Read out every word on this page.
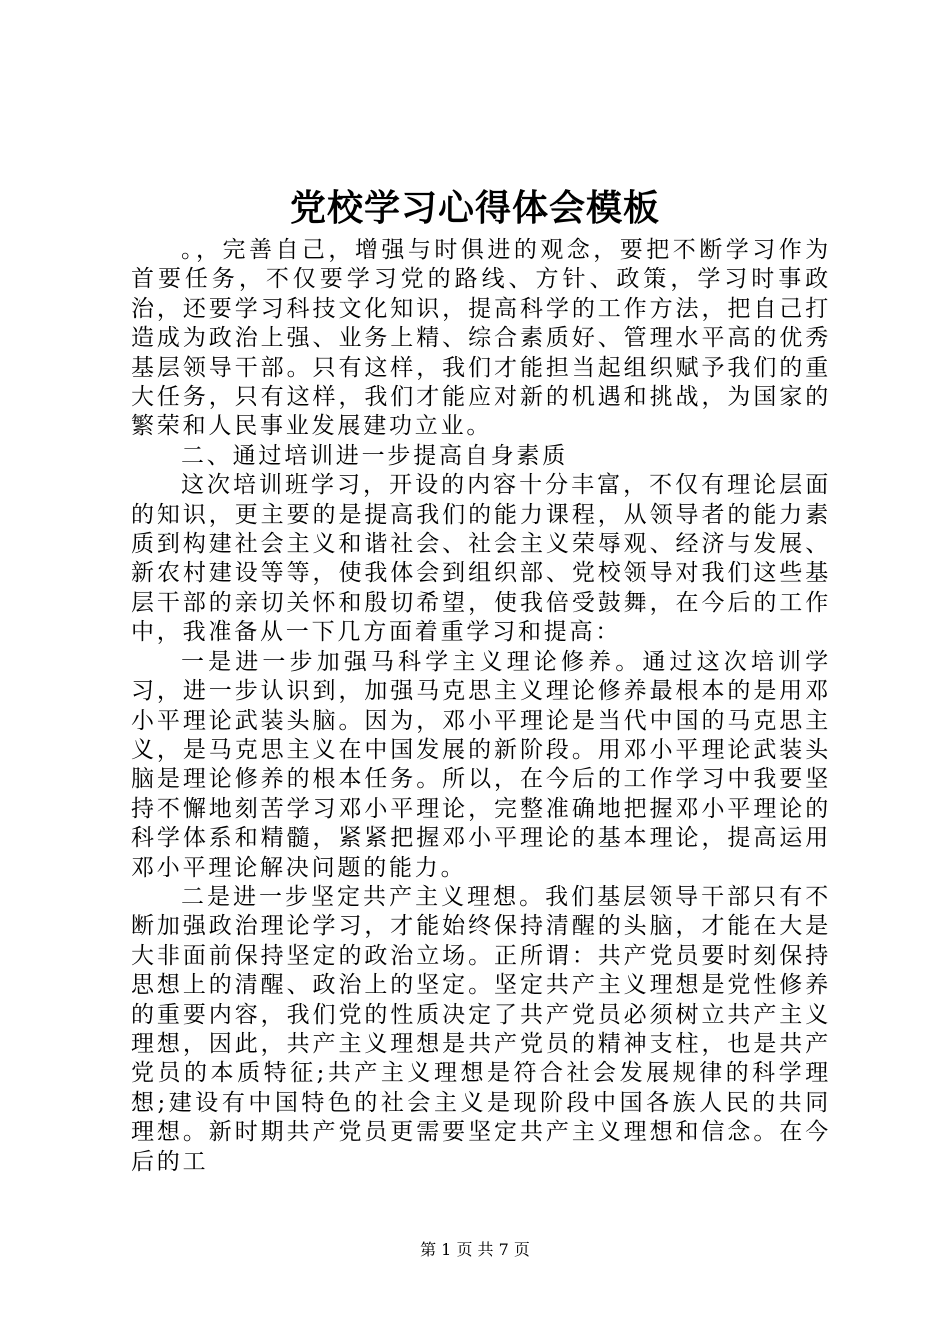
党校学习心得体会模板

。，完善自己，增强与时俱进的观念，要把不断学习作为首要任务，不仅要学习党的路线、方针、政策，学习时事政治，还要学习科技文化知识，提高科学的工作方法，把自己打造成为政治上强、业务上精、综合素质好、管理水平高的优秀基层领导干部。只有这样，我们才能担当起组织赋予我们的重大任务，只有这样，我们才能应对新的机遇和挑战，为国家的繁荣和人民事业发展建功立业。

二、通过培训进一步提高自身素质

这次培训班学习，开设的内容十分丰富，不仅有理论层面的知识，更主要的是提高我们的能力课程，从领导者的能力素质到构建社会主义和谐社会、社会主义荣辱观、经济与发展、新农村建设等等，使我体会到组织部、党校领导对我们这些基层干部的亲切关怀和殷切希望，使我倍受鼓舞，在今后的工作中，我准备从一下几方面着重学习和提高：

一是进一步加强马科学主义理论修养。通过这次培训学习，进一步认识到，加强马克思主义理论修养最根本的是用邓小平理论武装头脑。因为，邓小平理论是当代中国的马克思主义，是马克思主义在中国发展的新阶段。用邓小平理论武装头脑是理论修养的根本任务。所以，在今后的工作学习中我要坚持不懈地刻苦学习邓小平理论，完整准确地把握邓小平理论的科学体系和精髓，紧紧把握邓小平理论的基本理论，提高运用邓小平理论解决问题的能力。

二是进一步坚定共产主义理想。我们基层领导干部只有不断加强政治理论学习，才能始终保持清醒的头脑，才能在大是大非面前保持坚定的政治立场。正所谓：共产党员要时刻保持思想上的清醒、政治上的坚定。坚定共产主义理想是党性修养的重要内容，我们党的性质决定了共产党员必须树立共产主义理想，因此，共产主义理想是共产党员的精神支柱，也是共产党员的本质特征;共产主义理想是符合社会发展规律的科学理想;建设有中国特色的社会主义是现阶段中国各族人民的共同理想。新时期共产党员更需要坚定共产主义理想和信念。在今后的工

第 1 页 共 7 页
